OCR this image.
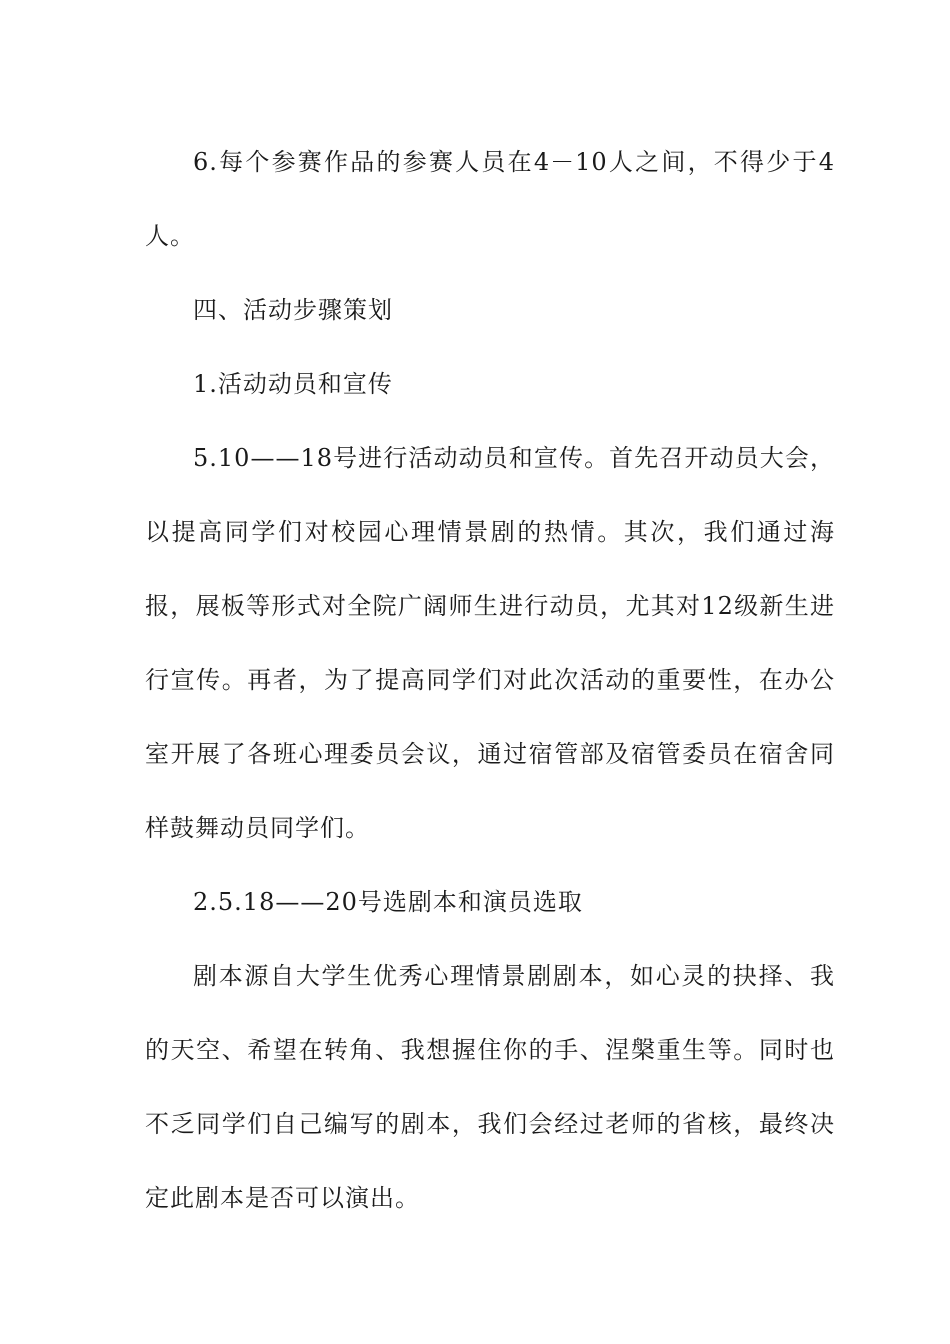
6.每个参赛作品的参赛人员在4－10人之间，不得少于4人。

四、活动步骤策划

1.活动动员和宣传

5.10——18号进行活动动员和宣传。首先召开动员大会，以提高同学们对校园心理情景剧的热情。其次，我们通过海报，展板等形式对全院广阔师生进行动员，尤其对12级新生进行宣传。再者，为了提高同学们对此次活动的重要性，在办公室开展了各班心理委员会议，通过宿管部及宿管委员在宿舍同样鼓舞动员同学们。

2.5.18——20号选剧本和演员选取

剧本源自大学生优秀心理情景剧剧本，如心灵的抉择、我的天空、希望在转角、我想握住你的手、涅槃重生等。同时也不乏同学们自己编写的剧本，我们会经过老师的省核，最终决定此剧本是否可以演出。
